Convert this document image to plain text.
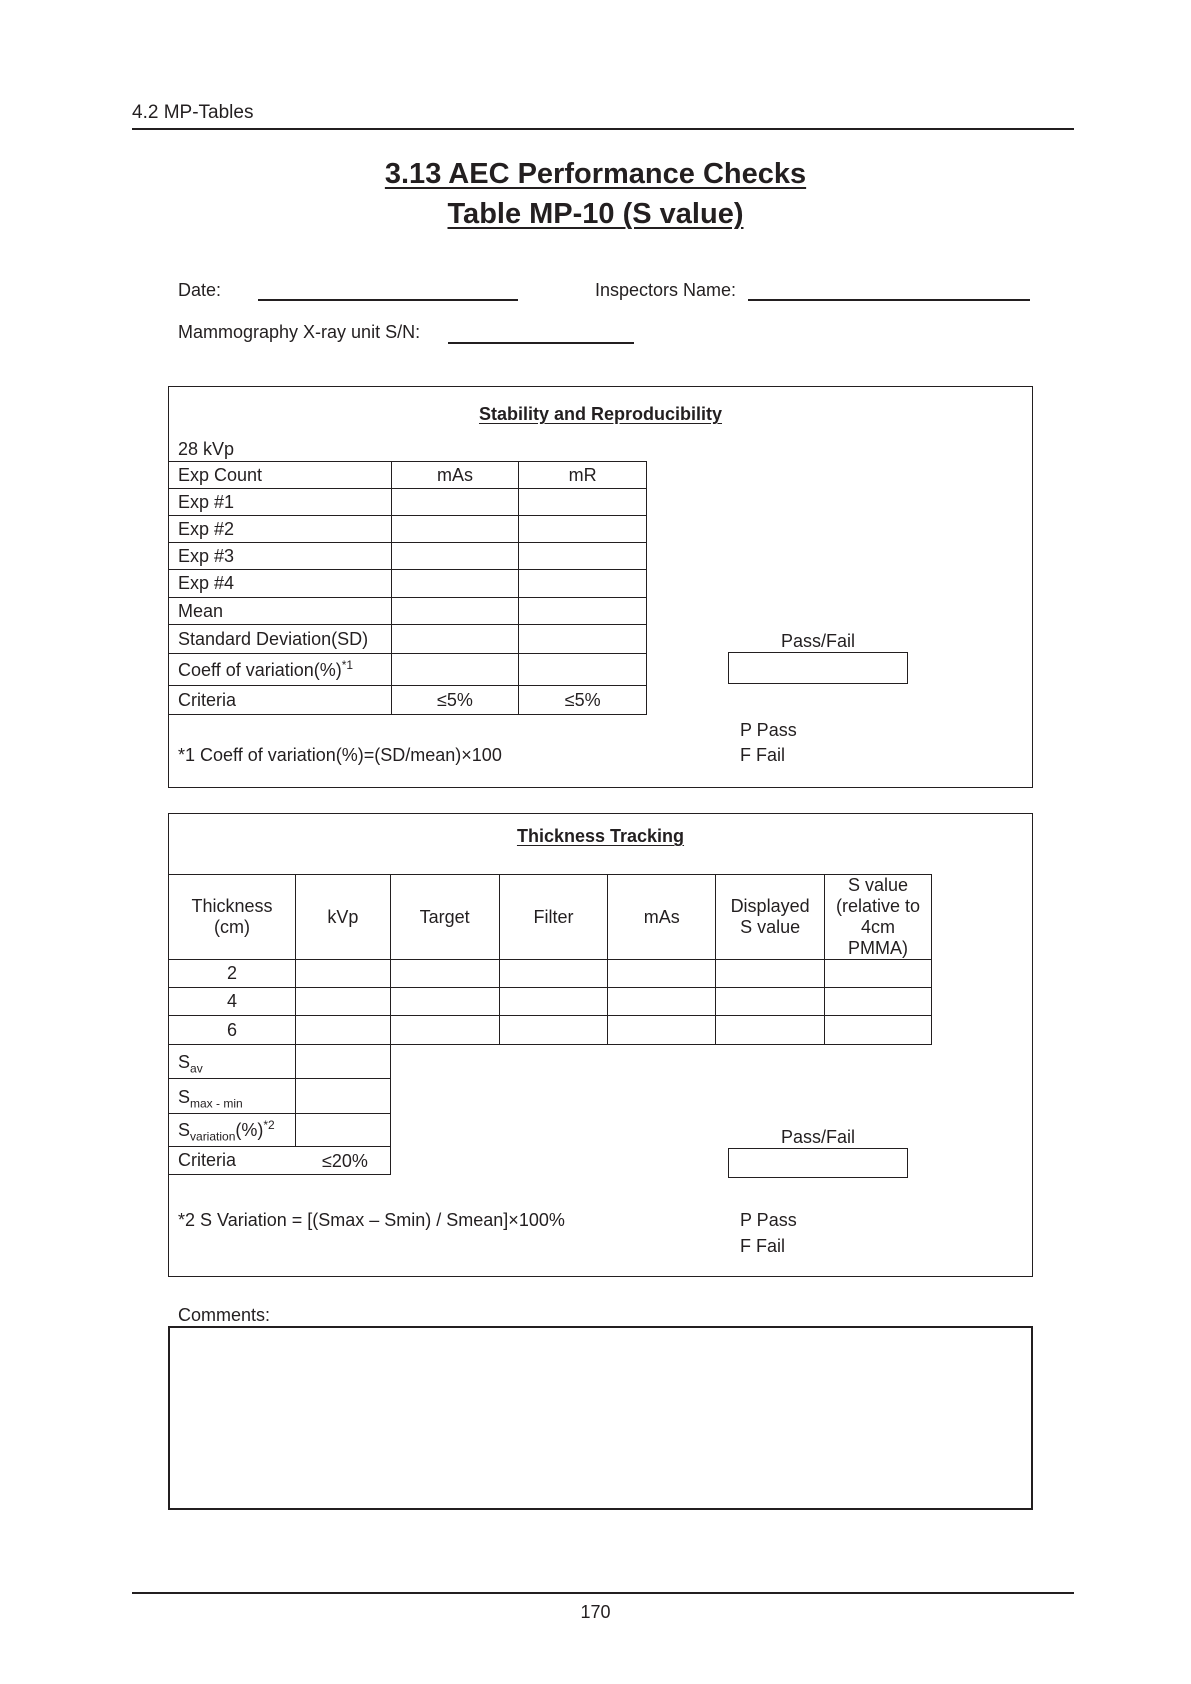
4.2 MP-Tables
3.13 AEC Performance Checks
Table MP-10 (S value)
Date:	Inspectors Name:
Mammography X-ray unit S/N:
Stability and Reproducibility
28 kVp
Exp Count	mAs	mR
Exp #1		
Exp #2		
Exp #3		
Exp #4		
Mean		
Standard Deviation(SD)		
Coeff of variation(%)$^{*1}$		
Criteria	≤5%	≤5%
Pass/Fail
P Pass
F Fail
*1 Coeff of variation(%)=(SD/mean)×100
Thickness Tracking
Thickness (cm)	kVp	Target	Filter	mAs	Displayed S value	S value (relative to 4cm PMMA)
2						
4						
6						
$S_{av}$	
$S_{max - min}$	
$S_{variation}(\%)^{*2}$	
Criteria ≤20%	
Pass/Fail
*2 S Variation = [(Smax – Smin) / Smean]×100%	P Pass
F Fail
Comments:
170
